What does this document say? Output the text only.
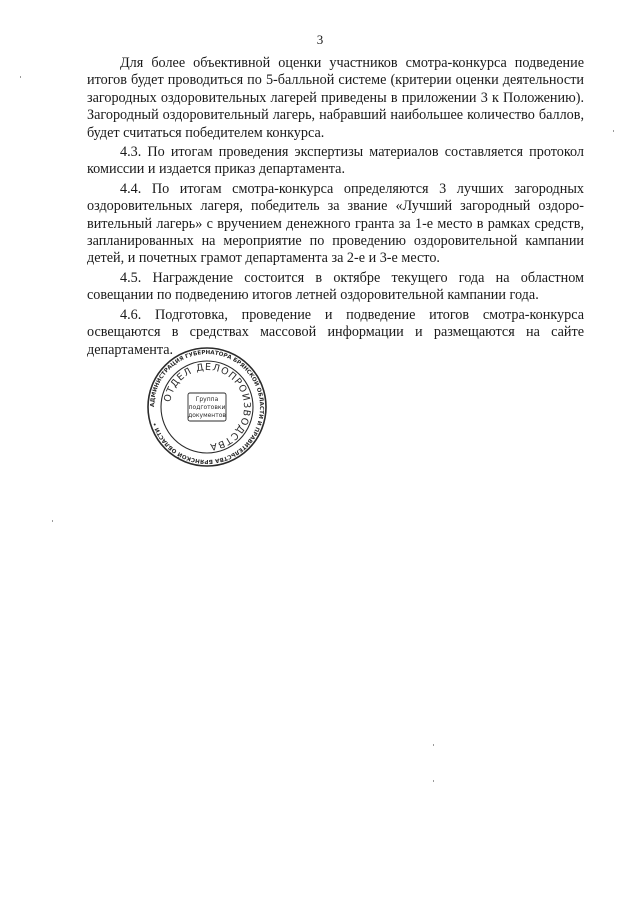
3

Для более объективной оценки участников смотра-конкурса подведение итогов будет проводиться по 5-балльной системе (критерии оценки деятельности загородных оздоровительных лагерей приведены в приложении 3 к Положению). Загородный оздоровительный лагерь, набравший наибольшее количество баллов, будет считаться победителем конкурса.

4.3. По итогам проведения экспертизы материалов составляется протокол комиссии и издается приказ департамента.

4.4. По итогам смотра-конкурса определяются 3 лучших загородных оздоровительных лагеря, победитель за звание «Лучший загородный оздоровительный лагерь» с вручением денежного гранта за 1-е место в рамках средств, запланированных на мероприятие по проведению оздоровительной кампании детей, и почетных грамот департамента за 2-е и 3-е место.

4.5. Награждение состоится в октябре текущего года на областном совещании по подведению итогов летней оздоровительной кампании года.

4.6. Подготовка, проведение и подведение итогов смотра-конкурса освещаются в средствах массовой информации и размещаются на сайте департамента.

АДМИНИСТРАЦИЯ ГУБЕРНАТОРА БРЯНСКОЙ ОБЛАСТИ И ПРАВИТЕЛЬСТВА БРЯНСКОЙ ОБЛАСТИ •
ОТДЕЛ ДЕЛОПРОИЗВОДСТВА
Группа
подготовки
документов
